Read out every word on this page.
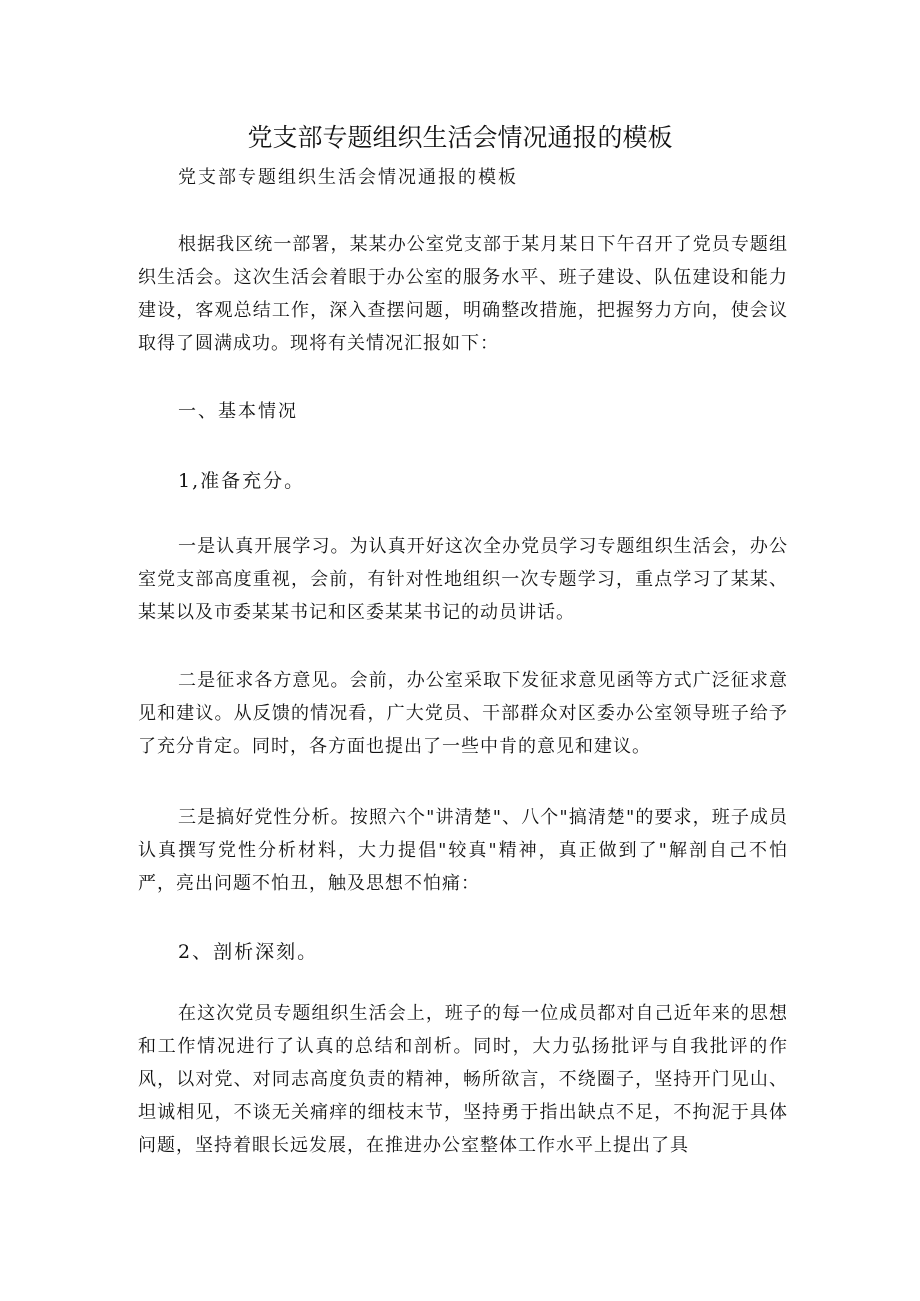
党支部专题组织生活会情况通报的模板
党支部专题组织生活会情况通报的模板

根据我区统一部署，某某办公室党支部于某月某日下午召开了党员专题组织生活会。这次生活会着眼于办公室的服务水平、班子建设、队伍建设和能力建设，客观总结工作，深入查摆问题，明确整改措施，把握努力方向，使会议取得了圆满成功。现将有关情况汇报如下：

一、基本情况
1,准备充分。

一是认真开展学习。为认真开好这次全办党员学习专题组织生活会，办公室党支部高度重视，会前，有针对性地组织一次专题学习，重点学习了某某、某某以及市委某某书记和区委某某书记的动员讲话。

二是征求各方意见。会前，办公室采取下发征求意见函等方式广泛征求意见和建议。从反馈的情况看，广大党员、干部群众对区委办公室领导班子给予了充分肯定。同时，各方面也提出了一些中肯的意见和建议。

三是搞好党性分析。按照六个"讲清楚"、八个"搞清楚"的要求，班子成员认真撰写党性分析材料，大力提倡"较真"精神，真正做到了"解剖自己不怕严，亮出问题不怕丑，触及思想不怕痛：

2、剖析深刻。

在这次党员专题组织生活会上，班子的每一位成员都对自己近年来的思想和工作情况进行了认真的总结和剖析。同时，大力弘扬批评与自我批评的作风，以对党、对同志高度负责的精神，畅所欲言，不绕圈子，坚持开门见山、坦诚相见，不谈无关痛痒的细枝末节，坚持勇于指出缺点不足，不拘泥于具体问题，坚持着眼长远发展，在推进办公室整体工作水平上提出了具
